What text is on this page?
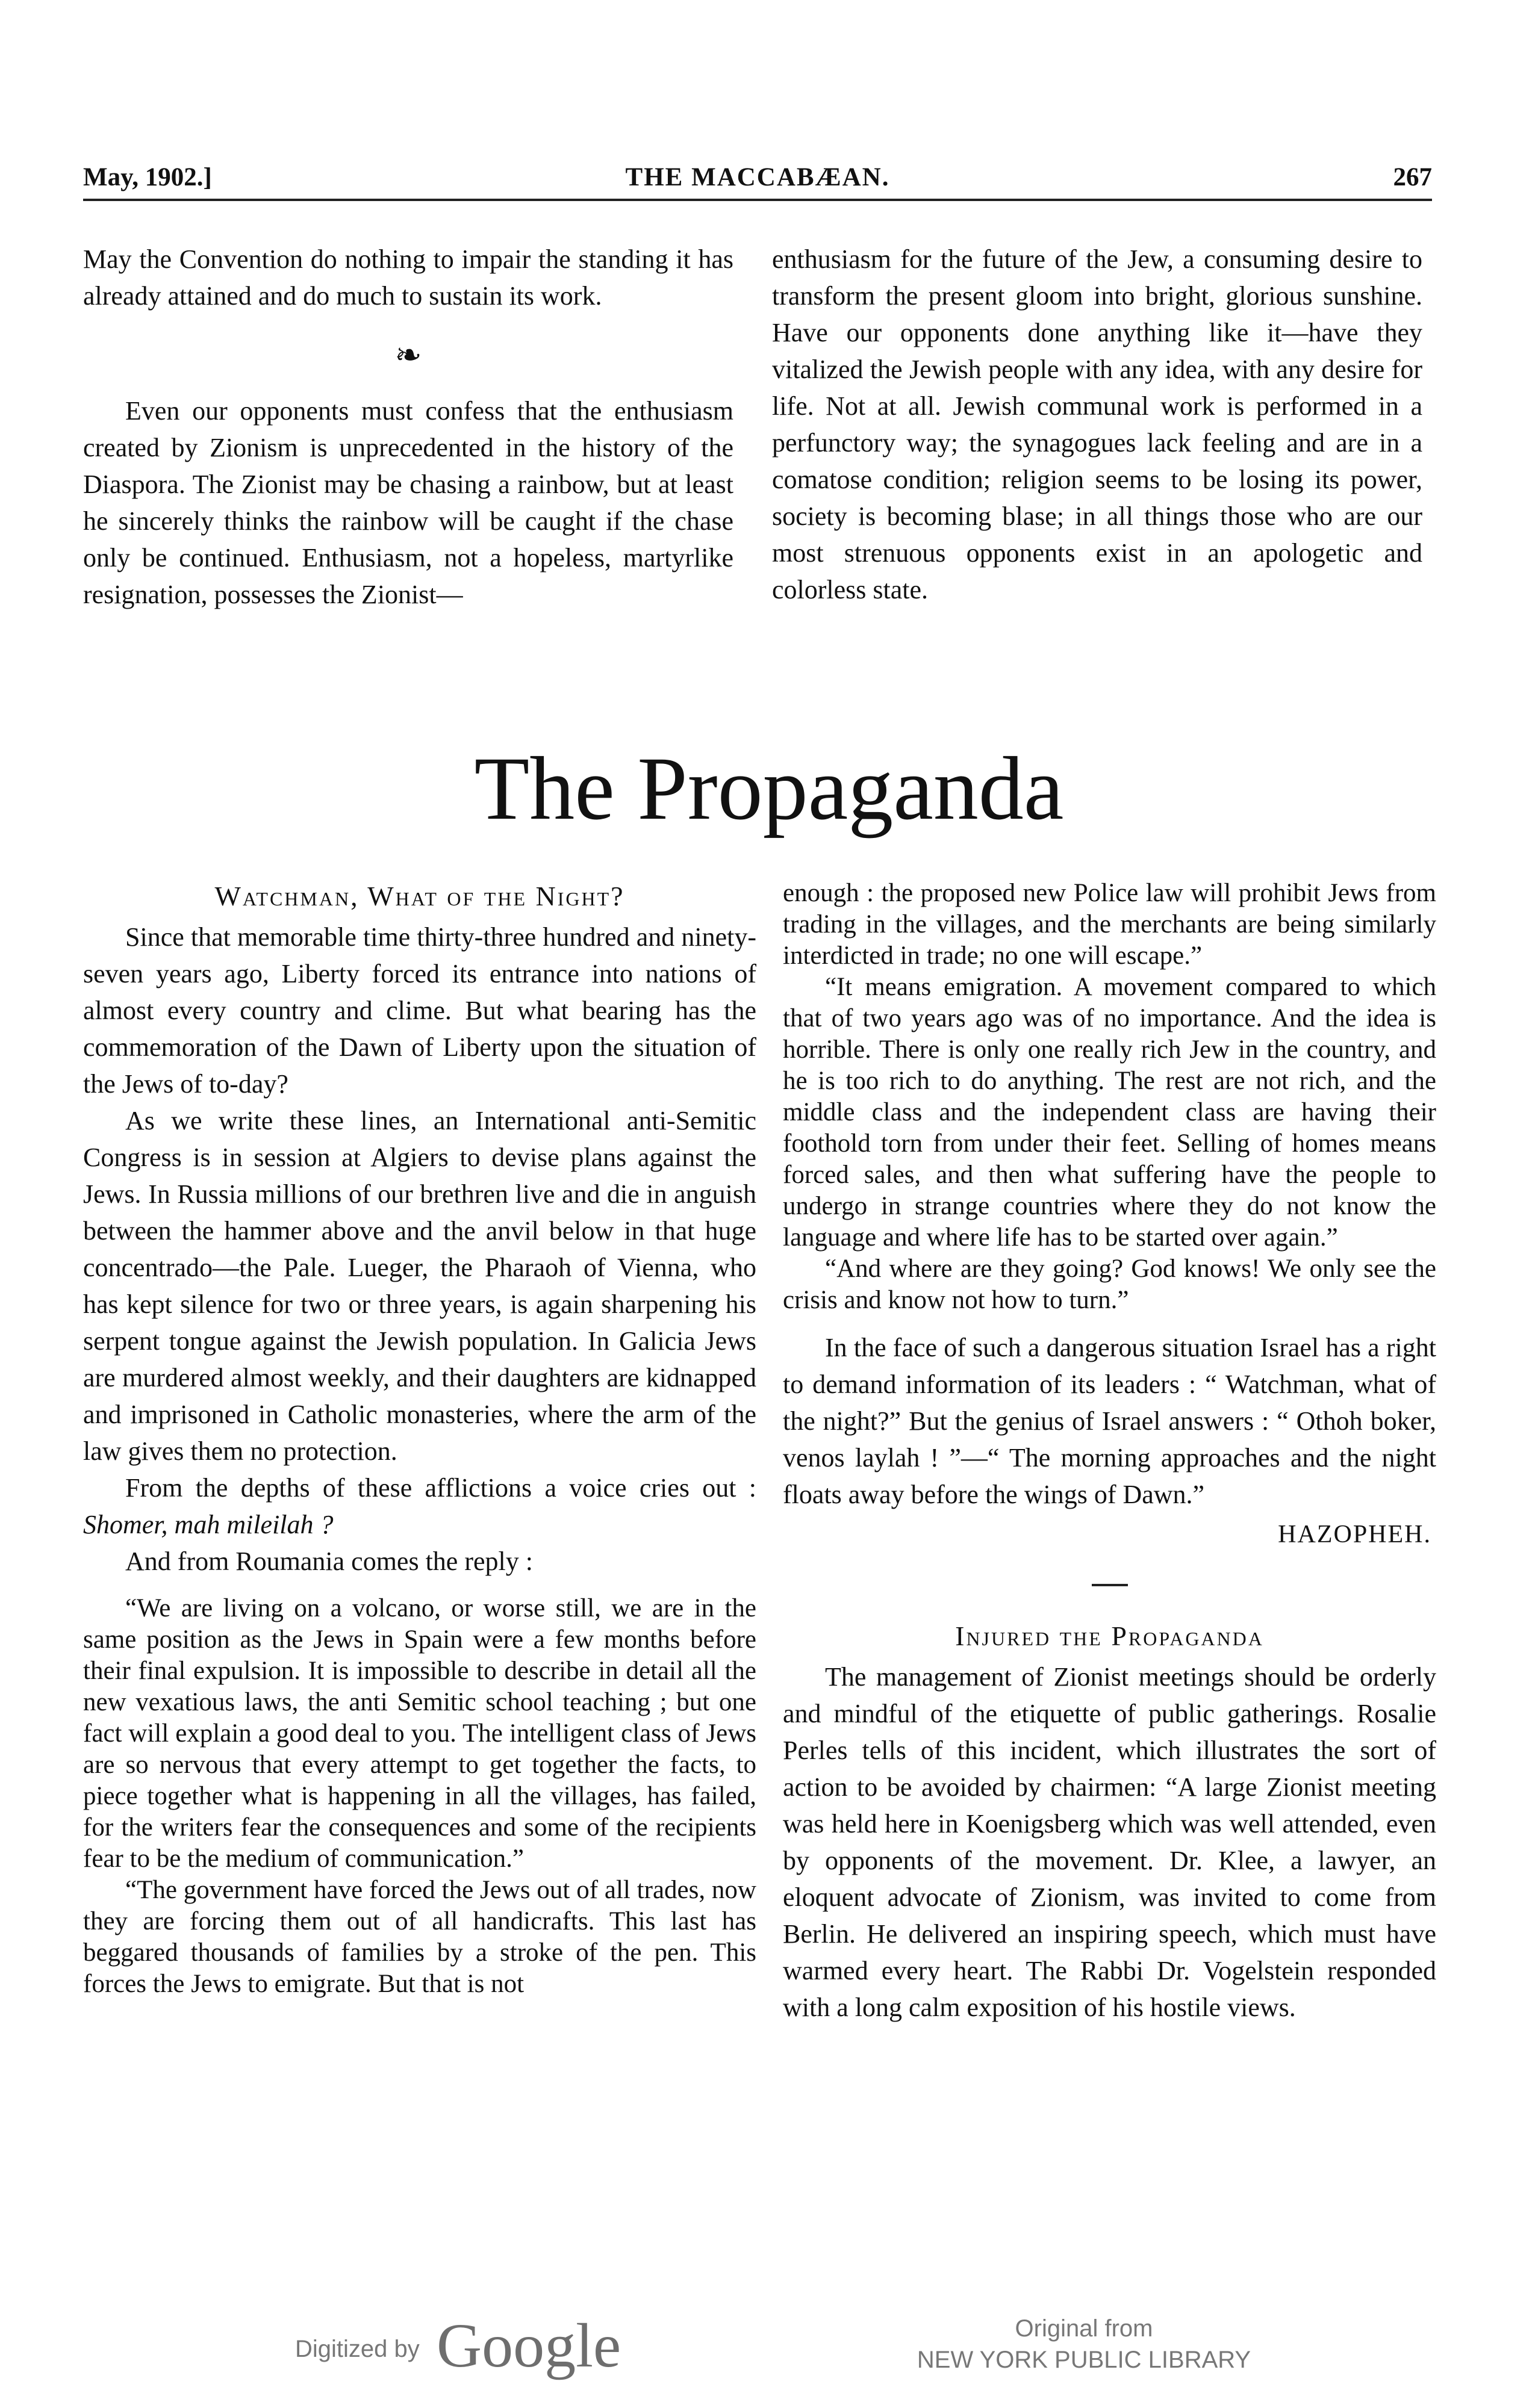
May, 1902.]	THE MACCABÆAN.	267

May the Convention do nothing to impair the standing it has already attained and do much to sustain its work.

❧

Even our opponents must confess that the enthusiasm created by Zionism is unprecedented in the history of the Diaspora. The Zionist may be chasing a rainbow, but at least he sincerely thinks the rainbow will be caught if the chase only be continued. Enthusiasm, not a hopeless, martyrlike resignation, possesses the Zionist—

enthusiasm for the future of the Jew, a consuming desire to transform the present gloom into bright, glorious sunshine. Have our opponents done anything like it—have they vitalized the Jewish people with any idea, with any desire for life. Not at all. Jewish communal work is performed in a perfunctory way; the synagogues lack feeling and are in a comatose condition; religion seems to be losing its power, society is becoming blase; in all things those who are our most strenuous opponents exist in an apologetic and colorless state.

The Propaganda
Watchman, What of the Night?

Since that memorable time thirty-three hundred and ninety-seven years ago, Liberty forced its entrance into nations of almost every country and clime. But what bearing has the commemoration of the Dawn of Liberty upon the situation of the Jews of to-day?

As we write these lines, an International anti-Semitic Congress is in session at Algiers to devise plans against the Jews. In Russia millions of our brethren live and die in anguish between the hammer above and the anvil below in that huge concentrado—the Pale. Lueger, the Pharaoh of Vienna, who has kept silence for two or three years, is again sharpening his serpent tongue against the Jewish population. In Galicia Jews are murdered almost weekly, and their daughters are kidnapped and imprisoned in Catholic monasteries, where the arm of the law gives them no protection.

From the depths of these afflictions a voice cries out : Shomer, mah mileilah ?

And from Roumania comes the reply :

“We are living on a volcano, or worse still, we are in the same position as the Jews in Spain were a few months before their final expulsion. It is impossible to describe in detail all the new vexatious laws, the anti Semitic school teaching ; but one fact will explain a good deal to you. The intelligent class of Jews are so nervous that every attempt to get together the facts, to piece together what is happening in all the villages, has failed, for the writers fear the consequences and some of the recipients fear to be the medium of communication.”

“The government have forced the Jews out of all trades, now they are forcing them out of all handicrafts. This last has beggared thousands of families by a stroke of the pen. This forces the Jews to emigrate. But that is not

enough : the proposed new Police law will prohibit Jews from trading in the villages, and the merchants are being similarly interdicted in trade; no one will escape.”

“It means emigration. A movement compared to which that of two years ago was of no importance. And the idea is horrible. There is only one really rich Jew in the country, and he is too rich to do anything. The rest are not rich, and the middle class and the independent class are having their foothold torn from under their feet. Selling of homes means forced sales, and then what suffering have the people to undergo in strange countries where they do not know the language and where life has to be started over again.”

“And where are they going? God knows! We only see the crisis and know not how to turn.”

In the face of such a dangerous situation Israel has a right to demand information of its leaders : “ Watchman, what of the night?” But the genius of Israel answers : “ Othoh boker, venos laylah ! ”—“ The morning approaches and the night floats away before the wings of Dawn.”

HAZOPHEH.
Injured the Propaganda

The management of Zionist meetings should be orderly and mindful of the etiquette of public gatherings. Rosalie Perles tells of this incident, which illustrates the sort of action to be avoided by chairmen: “A large Zionist meeting was held here in Koenigsberg which was well attended, even by opponents of the movement. Dr. Klee, a lawyer, an eloquent advocate of Zionism, was invited to come from Berlin. He delivered an inspiring speech, which must have warmed every heart. The Rabbi Dr. Vogelstein responded with a long calm exposition of his hostile views.

Digitized by Google	Original from
NEW YORK PUBLIC LIBRARY
